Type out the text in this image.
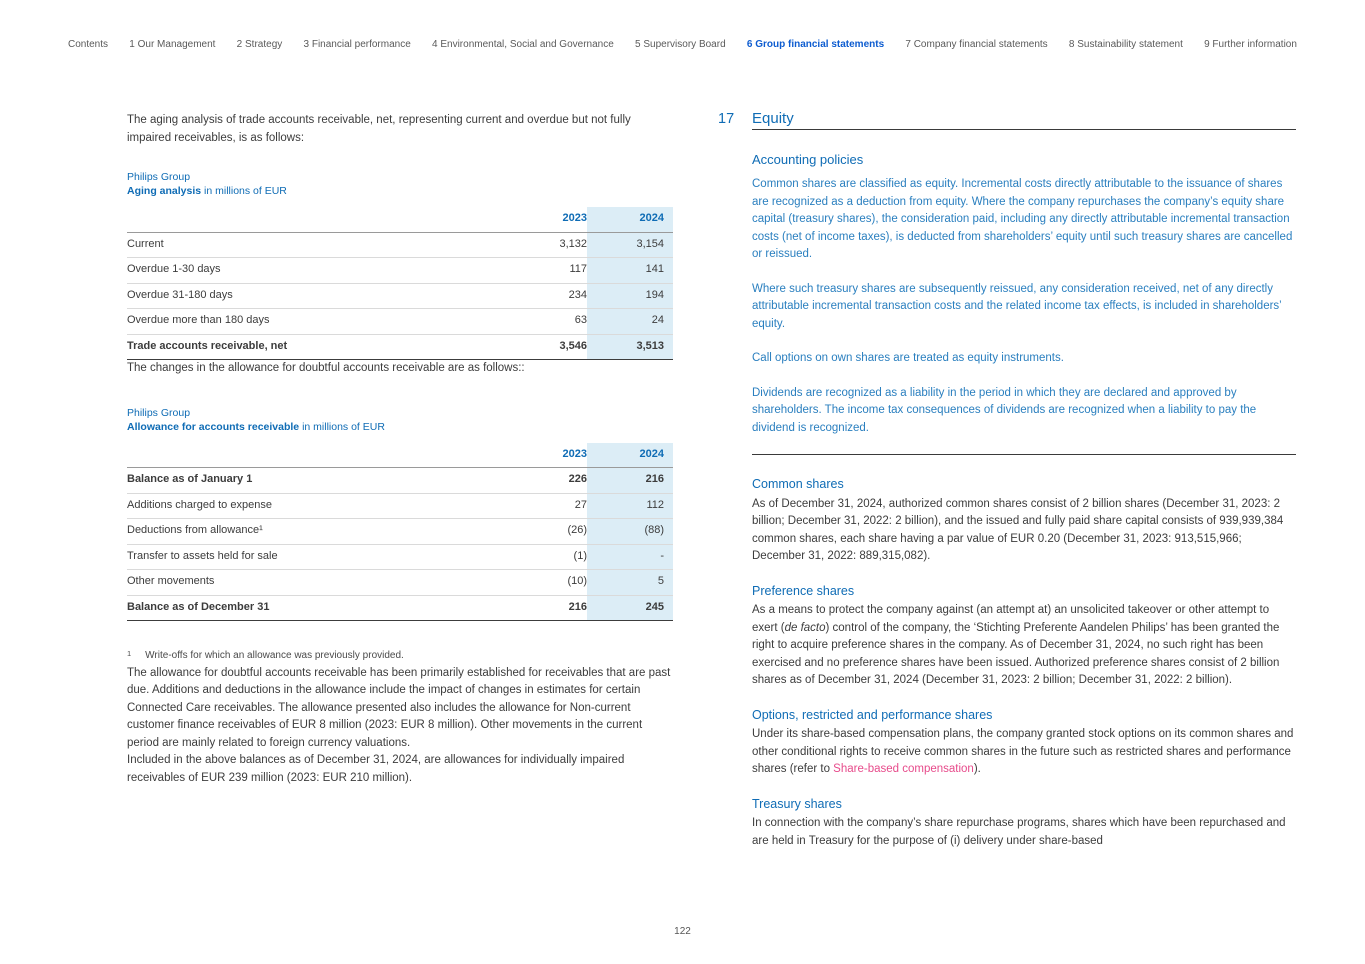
Contents 1 Our Management 2 Strategy 3 Financial performance 4 Environmental, Social and Governance 5 Supervisory Board 6 Group financial statements 7 Company financial statements 8 Sustainability statement 9 Further information

The aging analysis of trade accounts receivable, net, representing current and overdue but not fully impaired receivables, is as follows:

Philips Group
Aging analysis in millions of EUR
	2023	2024
Current	3,132	3,154
Overdue 1-30 days	117	141
Overdue 31-180 days	234	194
Overdue more than 180 days	63	24
Trade accounts receivable, net	3,546	3,513

The changes in the allowance for doubtful accounts receivable are as follows::

Philips Group
Allowance for accounts receivable in millions of EUR
	2023	2024
Balance as of January 1	226	216
Additions charged to expense	27	112
Deductions from allowance¹	(26)	(88)
Transfer to assets held for sale	(1)	-
Other movements	(10)	5
Balance as of December 31	216	245
1 Write-offs for which an allowance was previously provided.

The allowance for doubtful accounts receivable has been primarily established for receivables that are past due. Additions and deductions in the allowance include the impact of changes in estimates for certain Connected Care receivables. The allowance presented also includes the allowance for Non-current customer finance receivables of EUR 8 million (2023: EUR 8 million). Other movements in the current period are mainly related to foreign currency valuations.

Included in the above balances as of December 31, 2024, are allowances for individually impaired receivables of EUR 239 million (2023: EUR 210 million).

17	Equity
Accounting policies

Common shares are classified as equity. Incremental costs directly attributable to the issuance of shares are recognized as a deduction from equity. Where the company repurchases the company’s equity share capital (treasury shares), the consideration paid, including any directly attributable incremental transaction costs (net of income taxes), is deducted from shareholders’ equity until such treasury shares are cancelled or reissued.

Where such treasury shares are subsequently reissued, any consideration received, net of any directly attributable incremental transaction costs and the related income tax effects, is included in shareholders’ equity.

Call options on own shares are treated as equity instruments.

Dividends are recognized as a liability in the period in which they are declared and approved by shareholders. The income tax consequences of dividends are recognized when a liability to pay the dividend is recognized.

Common shares

As of December 31, 2024, authorized common shares consist of 2 billion shares (December 31, 2023: 2 billion; December 31, 2022: 2 billion), and the issued and fully paid share capital consists of 939,939,384 common shares, each share having a par value of EUR 0.20 (December 31, 2023: 913,515,966; December 31, 2022: 889,315,082).

Preference shares

As a means to protect the company against (an attempt at) an unsolicited takeover or other attempt to exert (de facto) control of the company, the ‘Stichting Preferente Aandelen Philips’ has been granted the right to acquire preference shares in the company. As of December 31, 2024, no such right has been exercised and no preference shares have been issued. Authorized preference shares consist of 2 billion shares as of December 31, 2024 (December 31, 2023: 2 billion; December 31, 2022: 2 billion).

Options, restricted and performance shares

Under its share-based compensation plans, the company granted stock options on its common shares and other conditional rights to receive common shares in the future such as restricted shares and performance shares (refer to Share-based compensation).

Treasury shares

In connection with the company’s share repurchase programs, shares which have been repurchased and are held in Treasury for the purpose of (i) delivery under share-based

122
